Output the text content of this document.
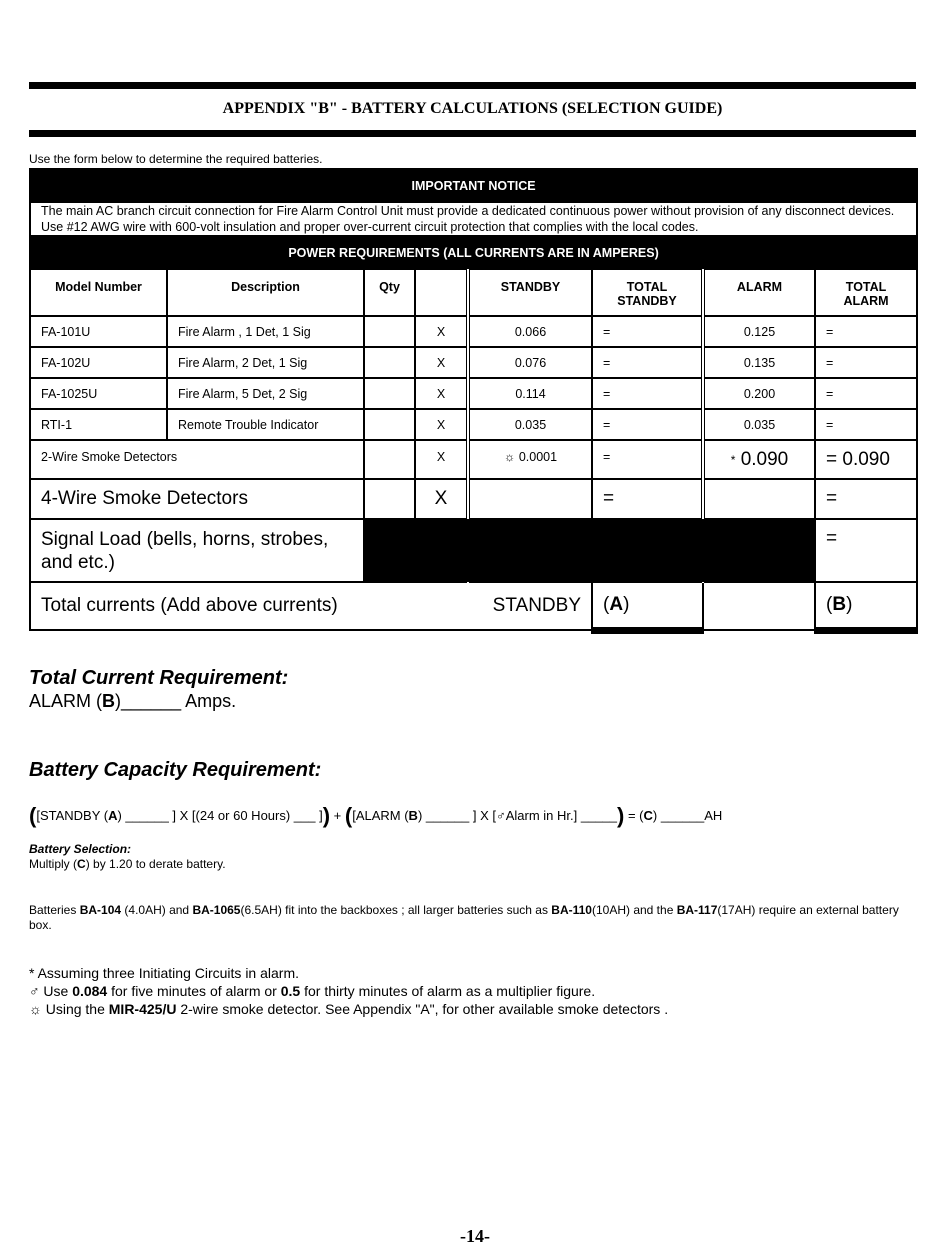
APPENDIX "B" - BATTERY CALCULATIONS (SELECTION GUIDE)
Use the form below to determine the required batteries.
IMPORTANT NOTICE							
The main AC branch circuit connection for Fire Alarm Control Unit must provide a dedicated continuous power without provision of any disconnect devices. Use #12 AWG wire with 600-volt insulation and proper over-current circuit protection that complies with the local codes.							
POWER REQUIREMENTS (ALL CURRENTS ARE IN AMPERES)							
Model Number	Description	Qty		STANDBY	TOTAL STANDBY	ALARM	TOTAL ALARM
FA-101U	Fire Alarm , 1 Det, 1 Sig		X	0.066	=	0.125	=
FA-102U	Fire Alarm, 2 Det, 1 Sig		X	0.076	=	0.135	=
FA-1025U	Fire Alarm, 5 Det, 2 Sig		X	0.114	=	0.200	=
RTI-1	Remote Trouble Indicator		X	0.035	=	0.035	=
2-Wire Smoke Detectors			X	☼ 0.0001	=	* 0.090	= 0.090
4-Wire Smoke Detectors			X		=		=
Signal Load (bells, horns, strobes, and etc.)							=
Total currents (Add above currents)				STANDBY	(A)		(B)
Total Current Requirement:
ALARM (B)______ Amps.
Battery Capacity Requirement:
([STANDBY (A) ______ ] X [(24 or 60 Hours) ___ ]) + ([ALARM (B) ______ ] X [♂Alarm in Hr.] _____) = (C) ______AH
Battery Selection:
Multiply (C) by 1.20 to derate battery.
Batteries BA-104 (4.0AH) and BA-1065(6.5AH) fit into the backboxes ; all larger batteries such as BA-110(10AH) and the BA-117(17AH) require an external battery box.
* Assuming three Initiating Circuits in alarm.
♂ Use 0.084 for five minutes of alarm or 0.5 for thirty minutes of alarm as a multiplier figure.
☼ Using the MIR-425/U 2-wire smoke detector. See Appendix "A", for other available smoke detectors .
-14-
